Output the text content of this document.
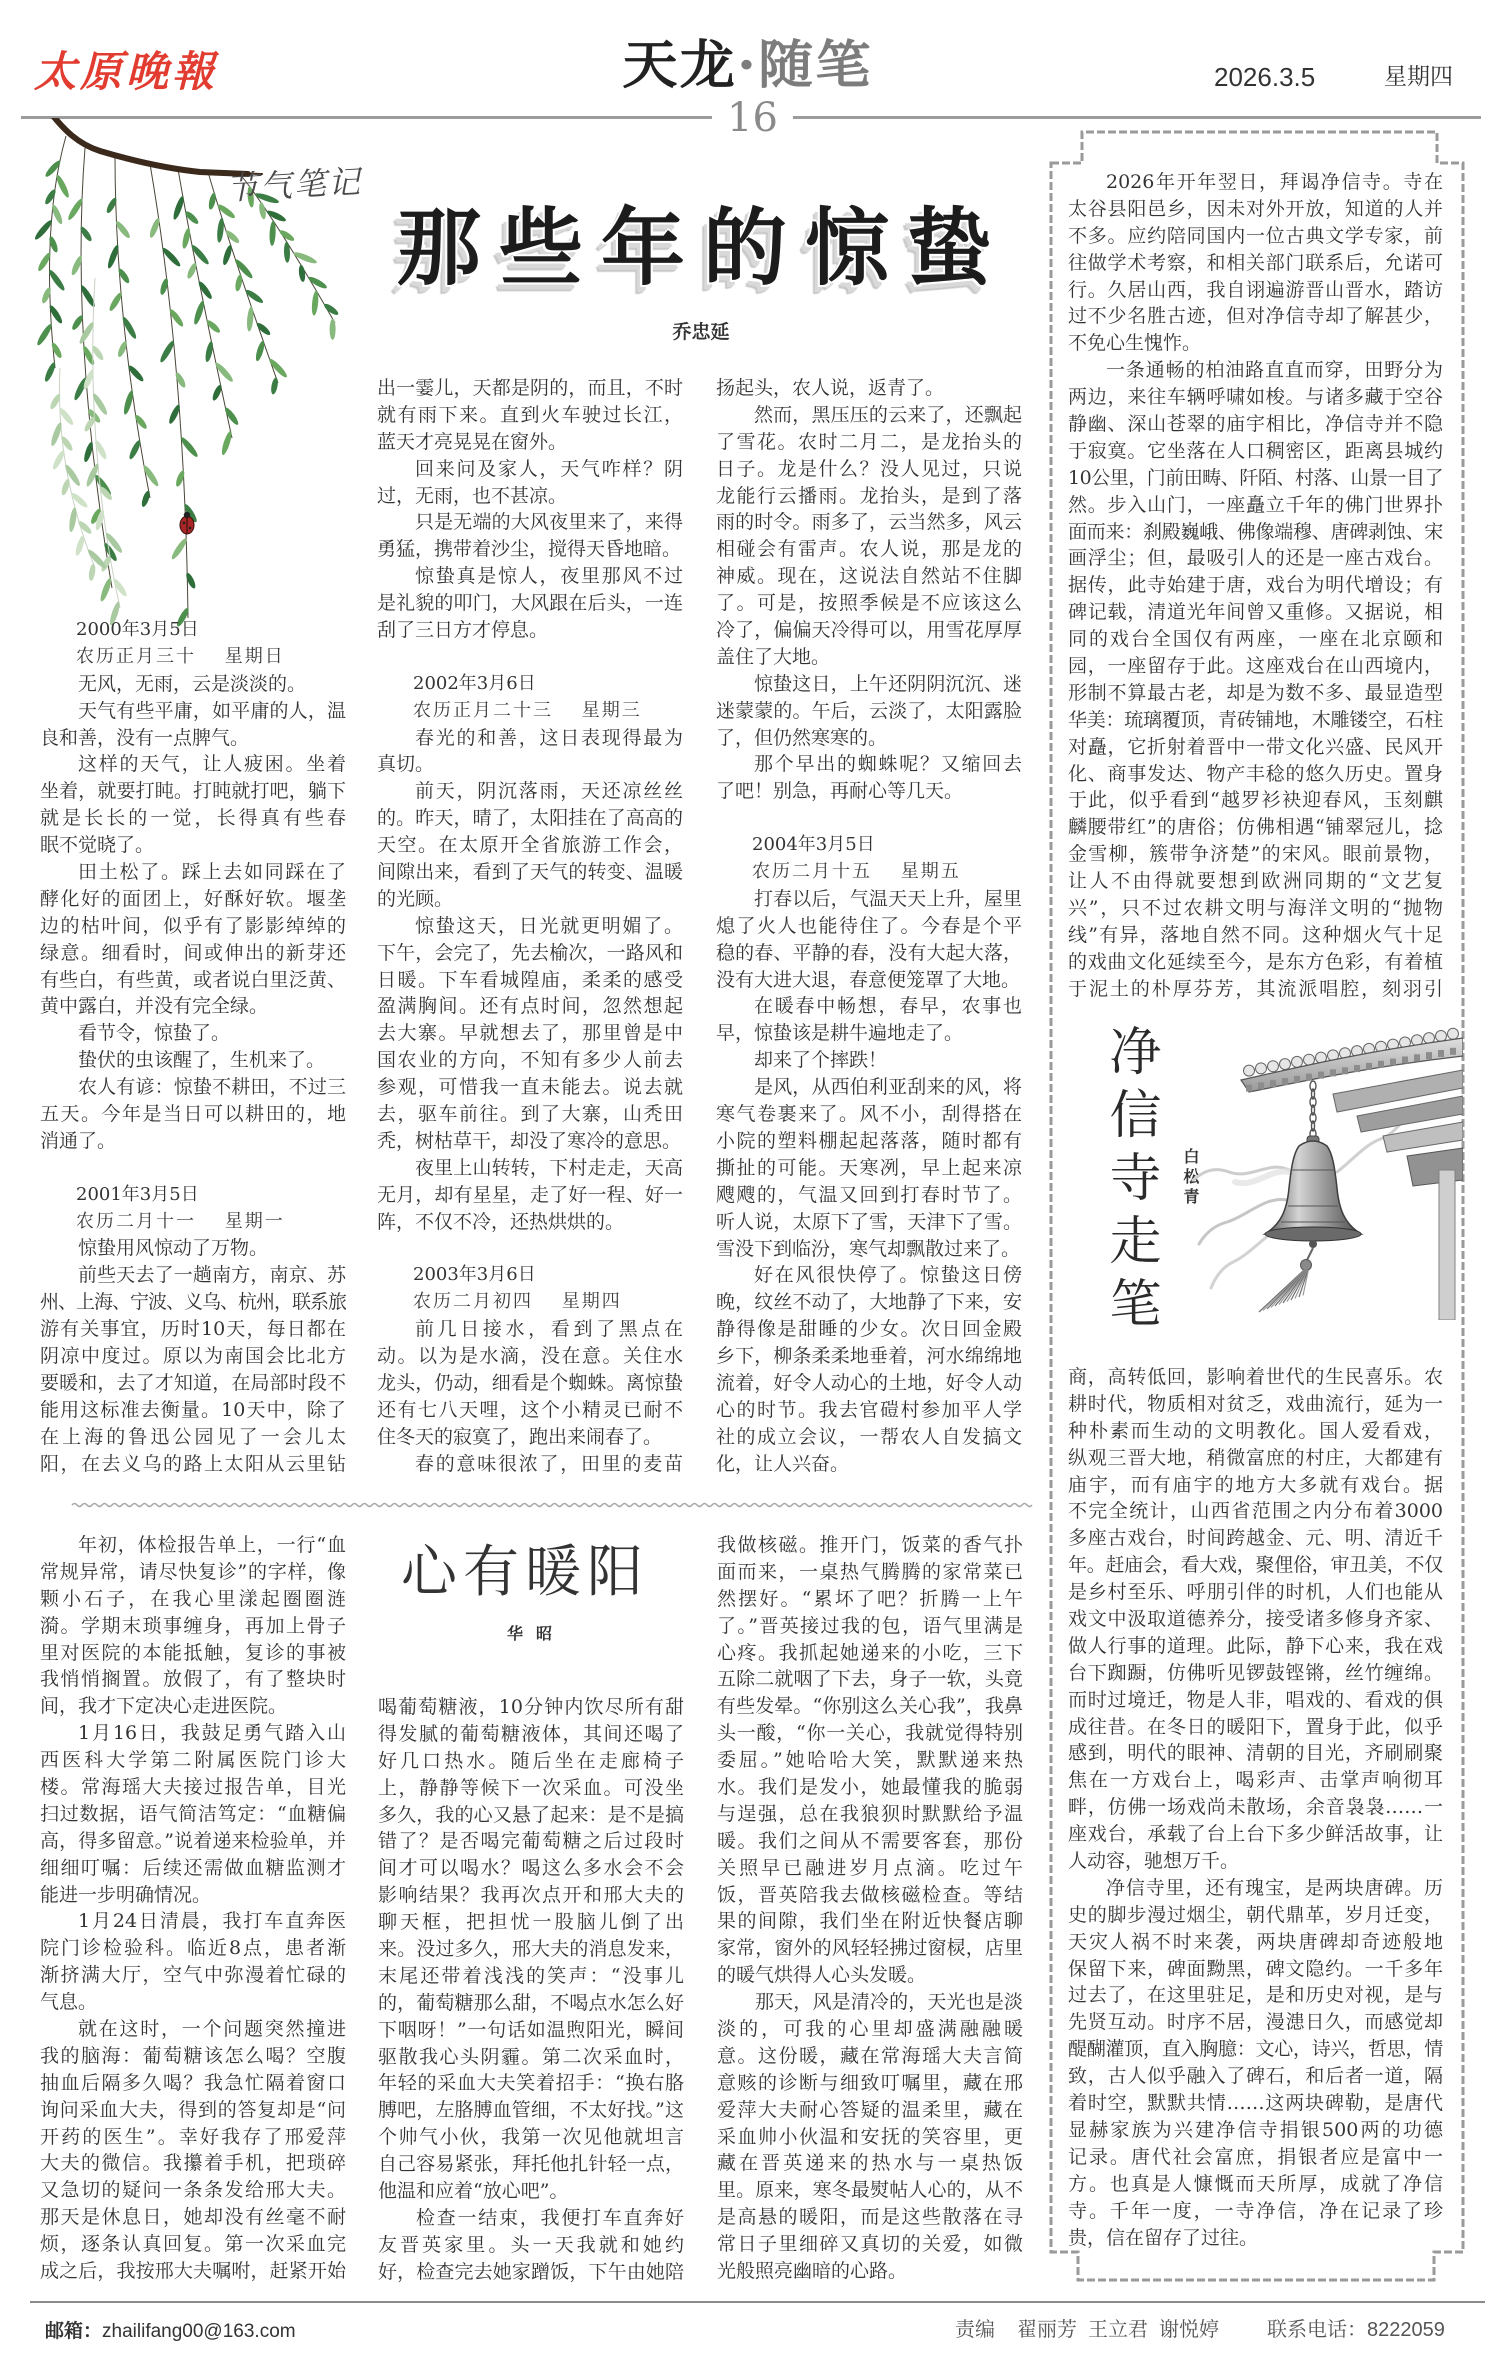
太原晚報	天龙·随笔
16
2026.3.5	星期四
节气笔记
那些年的惊蛰
乔忠延
2000年3月5日
农历正月三十 星期日
无风，无雨，云是淡淡的。
天气有些平庸，如平庸的人，温
良和善，没有一点脾气。
这样的天气，让人疲困。坐着
坐着，就要打盹。打盹就打吧，躺下
就是长长的一觉，长得真有些春
眠不觉晓了。
田土松了。踩上去如同踩在了
酵化好的面团上，好酥好软。堰垄
边的枯叶间，似乎有了影影绰绰的
绿意。细看时，间或伸出的新芽还
有些白，有些黄，或者说白里泛黄、
黄中露白，并没有完全绿。
看节令，惊蛰了。
蛰伏的虫该醒了，生机来了。
农人有谚：惊蛰不耕田，不过三
五天。今年是当日可以耕田的，地
消通了。
2001年3月5日
农历二月十一 星期一
惊蛰用风惊动了万物。
前些天去了一趟南方，南京、苏
州、上海、宁波、义乌、杭州，联系旅
游有关事宜，历时10天，每日都在
阴凉中度过。原以为南国会比北方
要暖和，去了才知道，在局部时段不
能用这标准去衡量。10天中，除了
在上海的鲁迅公园见了一会儿太
阳，在去义乌的路上太阳从云里钻
出一霎儿，天都是阴的，而且，不时
就有雨下来。直到火车驶过长江，
蓝天才亮晃晃在窗外。
回来问及家人，天气咋样？阴
过，无雨，也不甚凉。
只是无端的大风夜里来了，来得
勇猛，携带着沙尘，搅得天昏地暗。
惊蛰真是惊人，夜里那风不过
是礼貌的叩门，大风跟在后头，一连
刮了三日方才停息。
2002年3月6日
农历正月二十三 星期三
春光的和善，这日表现得最为
真切。
前天，阴沉落雨，天还凉丝丝
的。昨天，晴了，太阳挂在了高高的
天空。在太原开全省旅游工作会，
间隙出来，看到了天气的转变、温暖
的光顾。
惊蛰这天，日光就更明媚了。
下午，会完了，先去榆次，一路风和
日暖。下车看城隍庙，柔柔的感受
盈满胸间。还有点时间，忽然想起
去大寨。早就想去了，那里曾是中
国农业的方向，不知有多少人前去
参观，可惜我一直未能去。说去就
去，驱车前往。到了大寨，山秃田
秃，树枯草干，却没了寒冷的意思。
夜里上山转转，下村走走，天高
无月，却有星星，走了好一程、好一
阵，不仅不冷，还热烘烘的。
2003年3月6日
农历二月初四 星期四
前几日接水，看到了黑点在
动。以为是水滴，没在意。关住水
龙头，仍动，细看是个蜘蛛。离惊蛰
还有七八天哩，这个小精灵已耐不
住冬天的寂寞了，跑出来闹春了。
春的意味很浓了，田里的麦苗
扬起头，农人说，返青了。
然而，黑压压的云来了，还飘起
了雪花。农时二月二，是龙抬头的
日子。龙是什么？没人见过，只说
龙能行云播雨。龙抬头，是到了落
雨的时令。雨多了，云当然多，风云
相碰会有雷声。农人说，那是龙的
神威。现在，这说法自然站不住脚
了。可是，按照季候是不应该这么
冷了，偏偏天冷得可以，用雪花厚厚
盖住了大地。
惊蛰这日，上午还阴阴沉沉、迷
迷蒙蒙的。午后，云淡了，太阳露脸
了，但仍然寒寒的。
那个早出的蜘蛛呢？又缩回去
了吧！别急，再耐心等几天。
2004年3月5日
农历二月十五 星期五
打春以后，气温天天上升，屋里
熄了火人也能待住了。今春是个平
稳的春、平静的春，没有大起大落，
没有大进大退，春意便笼罩了大地。
在暖春中畅想，春早，农事也
早，惊蛰该是耕牛遍地走了。
却来了个摔跌！
是风，从西伯利亚刮来的风，将
寒气卷裹来了。风不小，刮得搭在
小院的塑料棚起起落落，随时都有
撕扯的可能。天寒冽，早上起来凉
飕飕的，气温又回到打春时节了。
听人说，太原下了雪，天津下了雪。
雪没下到临汾，寒气却飘散过来了。
好在风很快停了。惊蛰这日傍
晚，纹丝不动了，大地静了下来，安
静得像是甜睡的少女。次日回金殿
乡下，柳条柔柔地垂着，河水绵绵地
流着，好令人动心的土地，好令人动
心的时节。我去官磑村参加平人学
社的成立会议，一帮农人自发搞文
化，让人兴奋。
心有暖阳
华昭
年初，体检报告单上，一行“血
常规异常，请尽快复诊”的字样，像
颗小石子，在我心里漾起圈圈涟
漪。学期末琐事缠身，再加上骨子
里对医院的本能抵触，复诊的事被
我悄悄搁置。放假了，有了整块时
间，我才下定决心走进医院。
1月16日，我鼓足勇气踏入山
西医科大学第二附属医院门诊大
楼。常海瑶大夫接过报告单，目光
扫过数据，语气简洁笃定：“血糖偏
高，得多留意。”说着递来检验单，并
细细叮嘱：后续还需做血糖监测才
能进一步明确情况。
1月24日清晨，我打车直奔医
院门诊检验科。临近8点，患者渐
渐挤满大厅，空气中弥漫着忙碌的
气息。
就在这时，一个问题突然撞进
我的脑海：葡萄糖该怎么喝？空腹
抽血后隔多久喝？我急忙隔着窗口
询问采血大夫，得到的答复却是“问
开药的医生”。幸好我存了邢爱萍
大夫的微信。我攥着手机，把琐碎
又急切的疑问一条条发给邢大夫。
那天是休息日，她却没有丝毫不耐
烦，逐条认真回复。第一次采血完
成之后，我按邢大夫嘱咐，赶紧开始
喝葡萄糖液，10分钟内饮尽所有甜
得发腻的葡萄糖液体，其间还喝了
好几口热水。随后坐在走廊椅子
上，静静等候下一次采血。可没坐
多久，我的心又悬了起来：是不是搞
错了？是否喝完葡萄糖之后过段时
间才可以喝水？喝这么多水会不会
影响结果？我再次点开和邢大夫的
聊天框，把担忧一股脑儿倒了出
来。没过多久，邢大夫的消息发来，
末尾还带着浅浅的笑声：“没事儿
的，葡萄糖那么甜，不喝点水怎么好
下咽呀！”一句话如温煦阳光，瞬间
驱散我心头阴霾。第二次采血时，
年轻的采血大夫笑着招手：“换右胳
膊吧，左胳膊血管细，不太好找。”这
个帅气小伙，我第一次见他就坦言
自己容易紧张，拜托他扎针轻一点，
他温和应着“放心吧”。
检查一结束，我便打车直奔好
友晋英家里。头一天我就和她约
好，检查完去她家蹭饭，下午由她陪
我做核磁。推开门，饭菜的香气扑
面而来，一桌热气腾腾的家常菜已
然摆好。“累坏了吧？折腾一上午
了。”晋英接过我的包，语气里满是
心疼。我抓起她递来的小吃，三下
五除二就咽了下去，身子一软，头竟
有些发晕。“你别这么关心我”，我鼻
头一酸，“你一关心，我就觉得特别
委屈。”她哈哈大笑，默默递来热
水。我们是发小，她最懂我的脆弱
与逞强，总在我狼狈时默默给予温
暖。我们之间从不需要客套，那份
关照早已融进岁月点滴。吃过午
饭，晋英陪我去做核磁检查。等结
果的间隙，我们坐在附近快餐店聊
家常，窗外的风轻轻拂过窗棂，店里
的暖气烘得人心头发暖。
那天，风是清冷的，天光也是淡
淡的，可我的心里却盛满融融暖
意。这份暖，藏在常海瑶大夫言简
意赅的诊断与细致叮嘱里，藏在邢
爱萍大夫耐心答疑的温柔里，藏在
采血帅小伙温和安抚的笑容里，更
藏在晋英递来的热水与一桌热饭
里。原来，寒冬最熨帖人心的，从不
是高悬的暖阳，而是这些散落在寻
常日子里细碎又真切的关爱，如微
光般照亮幽暗的心路。
2026年开年翌日，拜谒净信寺。寺在
太谷县阳邑乡，因未对外开放，知道的人并
不多。应约陪同国内一位古典文学专家，前
往做学术考察，和相关部门联系后，允诺可
行。久居山西，我自诩遍游晋山晋水，踏访
过不少名胜古迹，但对净信寺却了解甚少，
不免心生愧怍。
一条通畅的柏油路直直而穿，田野分为
两边，来往车辆呼啸如梭。与诸多藏于空谷
静幽、深山苍翠的庙宇相比，净信寺并不隐
于寂寞。它坐落在人口稠密区，距离县城约
10公里，门前田畴、阡陌、村落、山景一目了
然。步入山门，一座矗立千年的佛门世界扑
面而来：刹殿巍峨、佛像端穆、唐碑剥蚀、宋
画浮尘；但，最吸引人的还是一座古戏台。
据传，此寺始建于唐，戏台为明代增设；有
碑记载，清道光年间曾又重修。又据说，相
同的戏台全国仅有两座，一座在北京颐和
园，一座留存于此。这座戏台在山西境内，
形制不算最古老，却是为数不多、最显造型
华美：琉璃覆顶，青砖铺地，木雕镂空，石柱
对矗，它折射着晋中一带文化兴盛、民风开
化、商事发达、物产丰稔的悠久历史。置身
于此，似乎看到“越罗衫袂迎春风，玉刻麒
麟腰带红”的唐俗；仿佛相遇“铺翠冠儿，捻
金雪柳，簇带争济楚”的宋风。眼前景物，
让人不由得就要想到欧洲同期的“文艺复
兴”，只不过农耕文明与海洋文明的“抛物
线”有异，落地自然不同。这种烟火气十足
的戏曲文化延续至今，是东方色彩，有着植
于泥土的朴厚芬芳，其流派唱腔，刻羽引
净信寺走笔 白松青
商，高转低回，影响着世代的生民喜乐。农
耕时代，物质相对贫乏，戏曲流行，延为一
种朴素而生动的文明教化。国人爱看戏，
纵观三晋大地，稍微富庶的村庄，大都建有
庙宇，而有庙宇的地方大多就有戏台。据
不完全统计，山西省范围之内分布着3000
多座古戏台，时间跨越金、元、明、清近千
年。赶庙会，看大戏，聚俚俗，审丑美，不仅
是乡村至乐、呼朋引伴的时机，人们也能从
戏文中汲取道德养分，接受诸多修身齐家、
做人行事的道理。此际，静下心来，我在戏
台下踟蹰，仿佛听见锣鼓铿锵，丝竹缠绵。
而时过境迁，物是人非，唱戏的、看戏的俱
成往昔。在冬日的暖阳下，置身于此，似乎
感到，明代的眼神、清朝的目光，齐刷刷聚
焦在一方戏台上，喝彩声、击掌声响彻耳
畔，仿佛一场戏尚未散场，余音袅袅……一
座戏台，承载了台上台下多少鲜活故事，让
人动容，驰想万千。
净信寺里，还有瑰宝，是两块唐碑。历
史的脚步漫过烟尘，朝代鼎革，岁月迁变，
天灾人祸不时来袭，两块唐碑却奇迹般地
保留下来，碑面黝黑，碑文隐约。一千多年
过去了，在这里驻足，是和历史对视，是与
先贤互动。时序不居，漫漶日久，而感觉却
醍醐灌顶，直入胸臆：文心，诗兴，哲思，情
致，古人似乎融入了碑石，和后者一道，隔
着时空，默默共情……这两块碑勒，是唐代
显赫家族为兴建净信寺捐银500两的功德
记录。唐代社会富庶，捐银者应是富中一
方。也真是人慷慨而天所厚，成就了净信
寺。千年一度，一寺净信，净在记录了珍
贵，信在留存了过往。
邮箱：zhailifang00@163.com	责编 翟丽芳 王立君 谢悦婷 联系电话：8222059
